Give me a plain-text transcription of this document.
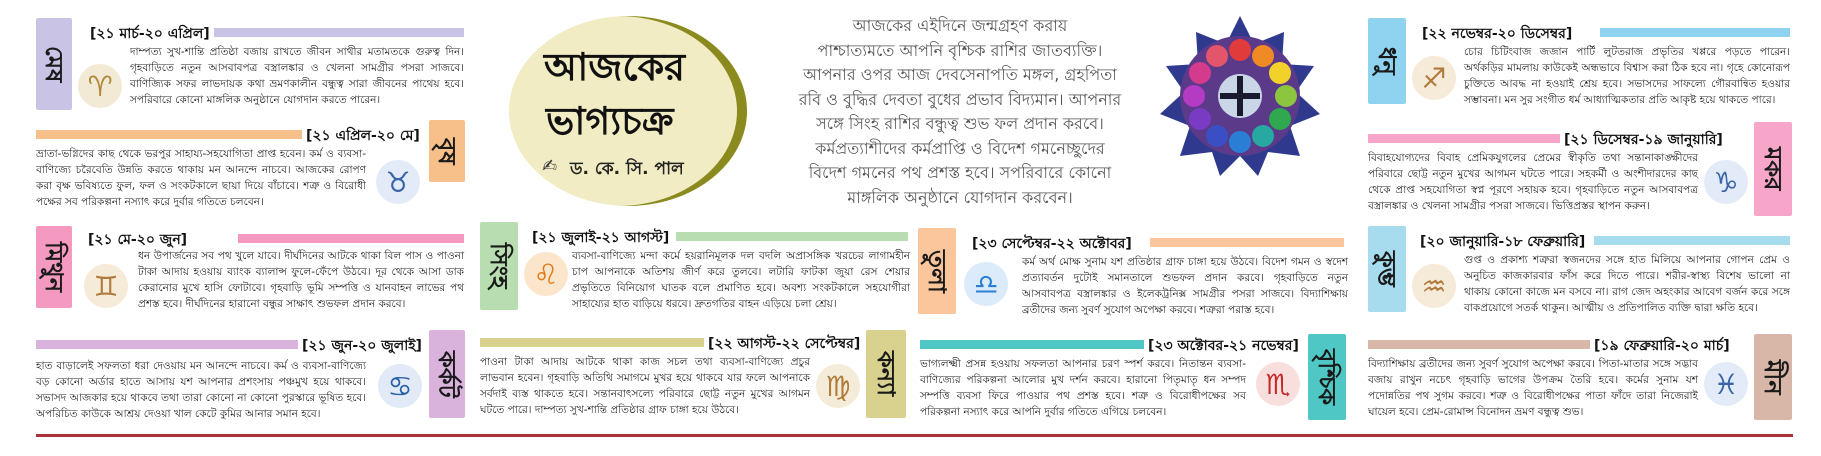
মেষ
[২১ মার্চ-২০ এপ্রিল]
♈
দাম্পত্য সুখ-শান্তি প্রতিষ্ঠা বজায় রাখতে জীবন সাথীর মতামতকে গুরুত্ব দিন। গৃহবাড়িতে নতুন আসবাবপত্র বস্ত্রালঙ্কার ও খেলনা সামগ্রীর পসরা সাজবে। বাণিজ্যিক সফর লাভদায়ক কথা ভ্রমণকালীন বন্ধুত্ব সারা জীবনের পাথেয় হবে। সপরিবারে কোনো মাঙ্গলিক অনুষ্ঠানে যোগদান করতে পারেন।
বৃষ
[২১ এপ্রিল-২০ মে]
ভ্রাতা-ভগ্নিদের কাছ থেকে ভরপুর সাহায্য-সহযোগিতা প্রাপ্ত হবেন। কর্ম ও ব্যবসা-বাণিজ্যে চরৈবেতি উন্নতি করতে থাকায় মন আনন্দে নাচবে। আজকের রোপণ করা বৃক্ষ ভবিষ্যতে ফুল, ফল ও সংকটকালে ছায়া দিয়ে বাঁচাবে। শত্রু ও বিরোধী পক্ষের সব পরিকল্পনা নস্যাৎ করে দুর্বার গতিতে চলবেন।
♉
মিথুন
[২১ মে-২০ জুন]
♊
ধন উপার্জনের সব পথ খুলে যাবে। দীর্ঘদিনের আটকে থাকা বিল পাস ও পাওনা টাকা আদায় হওয়ায় ব্যাংক ব্যালান্স ফুলে-ফেঁপে উঠবে। দূর থেকে আসা ডাক কেরানোর মুখে হাসি ফোটাবে। গৃহবাড়ি ভূমি সম্পত্তি ও যানবাহন লাভের পথ প্রশস্ত হবে। দীর্ঘদিনের হারানো বন্ধুর সাক্ষাৎ শুভফল প্রদান করবে।
কর্কট
[২১ জুন-২০ জুলাই]
হাত বাড়ালেই সফলতা ধরা দেওয়ায় মন আনন্দে নাচবে। কর্ম ও ব্যবসা-বাণিজ্যে বড় কোনো অর্ডার হাতে আসায় যশ আপনার প্রশংসায় পঞ্চমুখ হয়ে থাকবে। সভাসদ আজকার হয়ে থাকবে তথা তারা কোনো না কোনো পুরস্কারে ভূষিত হবে। অপরিচিত কাউকে আশ্রয় দেওয়া খাল কেটে কুমির আনার সমান হবে।
♋
আজকের
ভাগ্যচক্র
✍ ড. কে. সি. পাল
আজকের এইদিনে জন্মগ্রহণ করায়
পাশ্চাত্যমতে আপনি বৃশ্চিক রাশির জাতব্যক্তি।
আপনার ওপর আজ দেবসেনাপতি মঙ্গল, গ্রহপিতা
রবি ও বুদ্ধির দেবতা বুধের প্রভাব বিদ্যমান। আপনার
সঙ্গে সিংহ রাশির বন্ধুত্ব শুভ ফল প্রদান করবে।
কর্মপ্রত্যাশীদের কর্মপ্রাপ্তি ও বিদেশ গমনেচ্ছুদের
বিদেশ গমনের পথ প্রশস্ত হবে। সপরিবারে কোনো
মাঙ্গলিক অনুষ্ঠানে যোগদান করবেন।
সিংহ
[২১ জুলাই-২১ আগস্ট]
♌
ব্যবসা-বাণিজ্যে মন্দা কর্মে হয়রানিমূলক দল বদলি অপ্রাসঙ্গিক খরচের লাগামহীন চাপ আপনাকে অতিশয় জীর্ণ করে তুলবে। লটারি ফাটকা জুয়া রেস শেয়ার প্রভৃতিতে বিনিয়োগ ঘাতক বলে প্রমাণিত হবে। অবশ্য সংকটকালে সহযোগীরা সাহায্যের হাত বাড়িয়ে ধরবে। দ্রুতগতির বাহন এড়িয়ে চলা শ্রেয়।
কন্যা
[২২ আগস্ট-২২ সেপ্টেম্বর]
পাওনা টাকা আদায় আটকে থাকা কাজ সচল তথা ব্যবসা-বাণিজ্যে প্রচুর লাভবান হবেন। গৃহবাড়ি অতিথি সমাগমে মুখর হয়ে থাকবে যার ফলে আপনাকে সর্বদাই ব্যস্ত থাকতে হবে। সন্তানবাৎসল্যে পরিবারে ছোট্ট নতুন মুখের আগমন ঘটতে পারে। দাম্পত্য সুখ-শান্তি প্রতিষ্ঠার গ্রাফ চাঙ্গা হয়ে উঠবে।
♍
তুলা
[২৩ সেপ্টেম্বর-২২ অক্টোবর]
♎
কর্ম অর্থ মোক্ষ সুনাম যশ প্রতিষ্ঠার গ্রাফ চাঙ্গা হয়ে উঠবে। বিদেশ গমন ও স্বদেশ প্রত্যাবর্তন দুটোই সমানতালে শুভফল প্রদান করবে। গৃহবাড়িতে নতুন আসবাবপত্র বস্ত্রালঙ্কার ও ইলেকট্রনিক্স সামগ্রীর পসরা সাজবে। বিদ্যাশিক্ষায় ব্রতীদের জন্য সুবর্ণ সুযোগ অপেক্ষা করবে। শত্রুরা পরাস্ত হবে।
বৃশ্চিক
[২৩ অক্টোবর-২১ নভেম্বর]
ভাগ্যলক্ষ্মী প্রসন্ন হওয়ায় সফলতা আপনার চরণ স্পর্শ করবে। নিতান্তন ব্যবসা-বাণিজ্যের পরিকল্পনা আলোর মুখ দর্শন করবে। হারানো পিতৃমাতৃ ধন সম্পদ সম্পত্তি ব্যবসা ফিরে পাওয়ার পথ প্রশস্ত হবে। শত্রু ও বিরোধীপক্ষের সব পরিকল্পনা নস্যাৎ করে আপনি দুর্বার গতিতে এগিয়ে চলবেন।
♏
ধনু
[২২ নভেম্বর-২০ ডিসেম্বর]
♐
চোর চিটিংবাজ জজান পার্টি লুটতরাজ প্রভৃতির খপ্পরে পড়তে পারেন। অর্থকড়ির মামলায় কাউকেই অন্ধভাবে বিশ্বাস করা ঠিক হবে না। গৃহে কোনোরূপ চুক্তিতে আবদ্ধ না হওয়াই শ্রেয় হবে। সভাসদের সাফল্যে গৌরবান্বিত হওয়ার সম্ভাবনা। মন সুর সংগীত ধর্ম আধ্যাত্মিকতার প্রতি আকৃষ্ট হয়ে থাকতে পারে।
মকর
[২১ ডিসেম্বর-১৯ জানুয়ারি]
বিবাহযোগ্যদের বিবাহ প্রেমিকযুগলের প্রেমের স্বীকৃতি তথা সন্তানাকাঙ্ক্ষীদের পরিবারে ছোট্ট নতুন মুখের আগমন ঘটতে পারে। সহকর্মী ও অংশীদারদের কাছ থেকে প্রাপ্ত সহযোগিতা স্বপ্ন পূরণে সহায়ক হবে। গৃহবাড়িতে নতুন আসবাবপত্র বস্ত্রালঙ্কার ও খেলনা সামগ্রীর পসরা সাজবে। ভিত্তিপ্রস্তর স্থাপন করুন।
♑
কুম্ভ
[২০ জানুয়ারি-১৮ ফেব্রুয়ারি]
♒
গুপ্ত ও প্রকাশ্য শত্রুরা স্বজনদের সঙ্গে হাত মিলিয়ে আপনার গোপন প্রেম ও অনুচিত কাজকারবার ফাঁস করে দিতে পারে। শরীর-স্বাস্থ্য বিশেষ ভালো না থাকায় কোনো কাজে মন বসবে না। রাগ জেদ অহংকার আবেগ বর্জন করে সঙ্গে বাকপ্রয়োগে সতর্ক থাকুন। আত্মীয় ও প্রতিপালিত ব্যক্তি দ্বারা ক্ষতি হবে।
মীন
[১৯ ফেব্রুয়ারি-২০ মার্চ]
বিদ্যাশিক্ষায় ব্রতীদের জন্য সুবর্ণ সুযোগ অপেক্ষা করবে। পিতা-মাতার সঙ্গে সদ্ভাব বজায় রাখুন নচেৎ গৃহবাড়ি ভাগের উপক্রম তৈরি হবে। কর্মের সুনাম যশ পদোন্নতির পথ সুগম করবে। শত্রু ও বিরোধীপক্ষের পাতা ফাঁদে তারা নিজেরাই ঘায়েল হবে। প্রেম-রোমান্স বিনোদন ভ্রমণ বন্ধুত্ব শুভ।
♓
